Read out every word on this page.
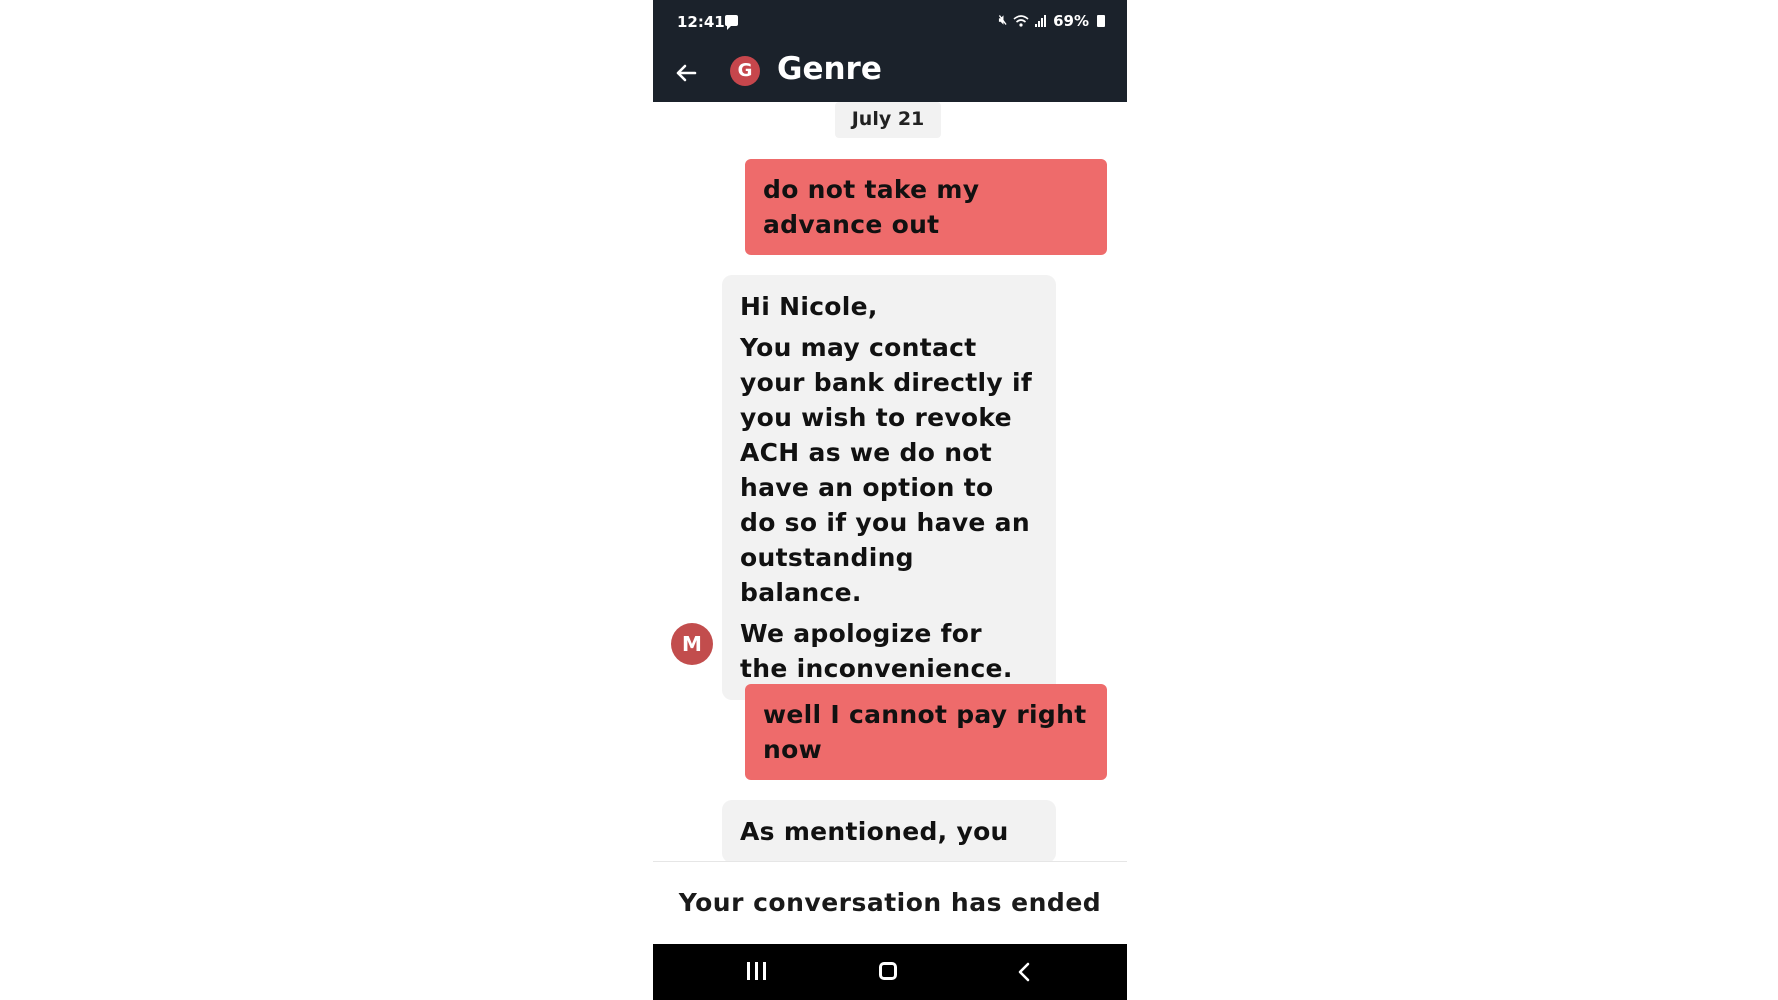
12:41	🔇︎	69%
G Genre
July 21

do not take my advance out

Hi Nicole,

You may contact your bank directly if you wish to revoke ACH as we do not have an option to do so if you have an outstanding balance.

We apologize for the inconvenience.

M

well I cannot pay right now

As mentioned, you

Your conversation has ended
